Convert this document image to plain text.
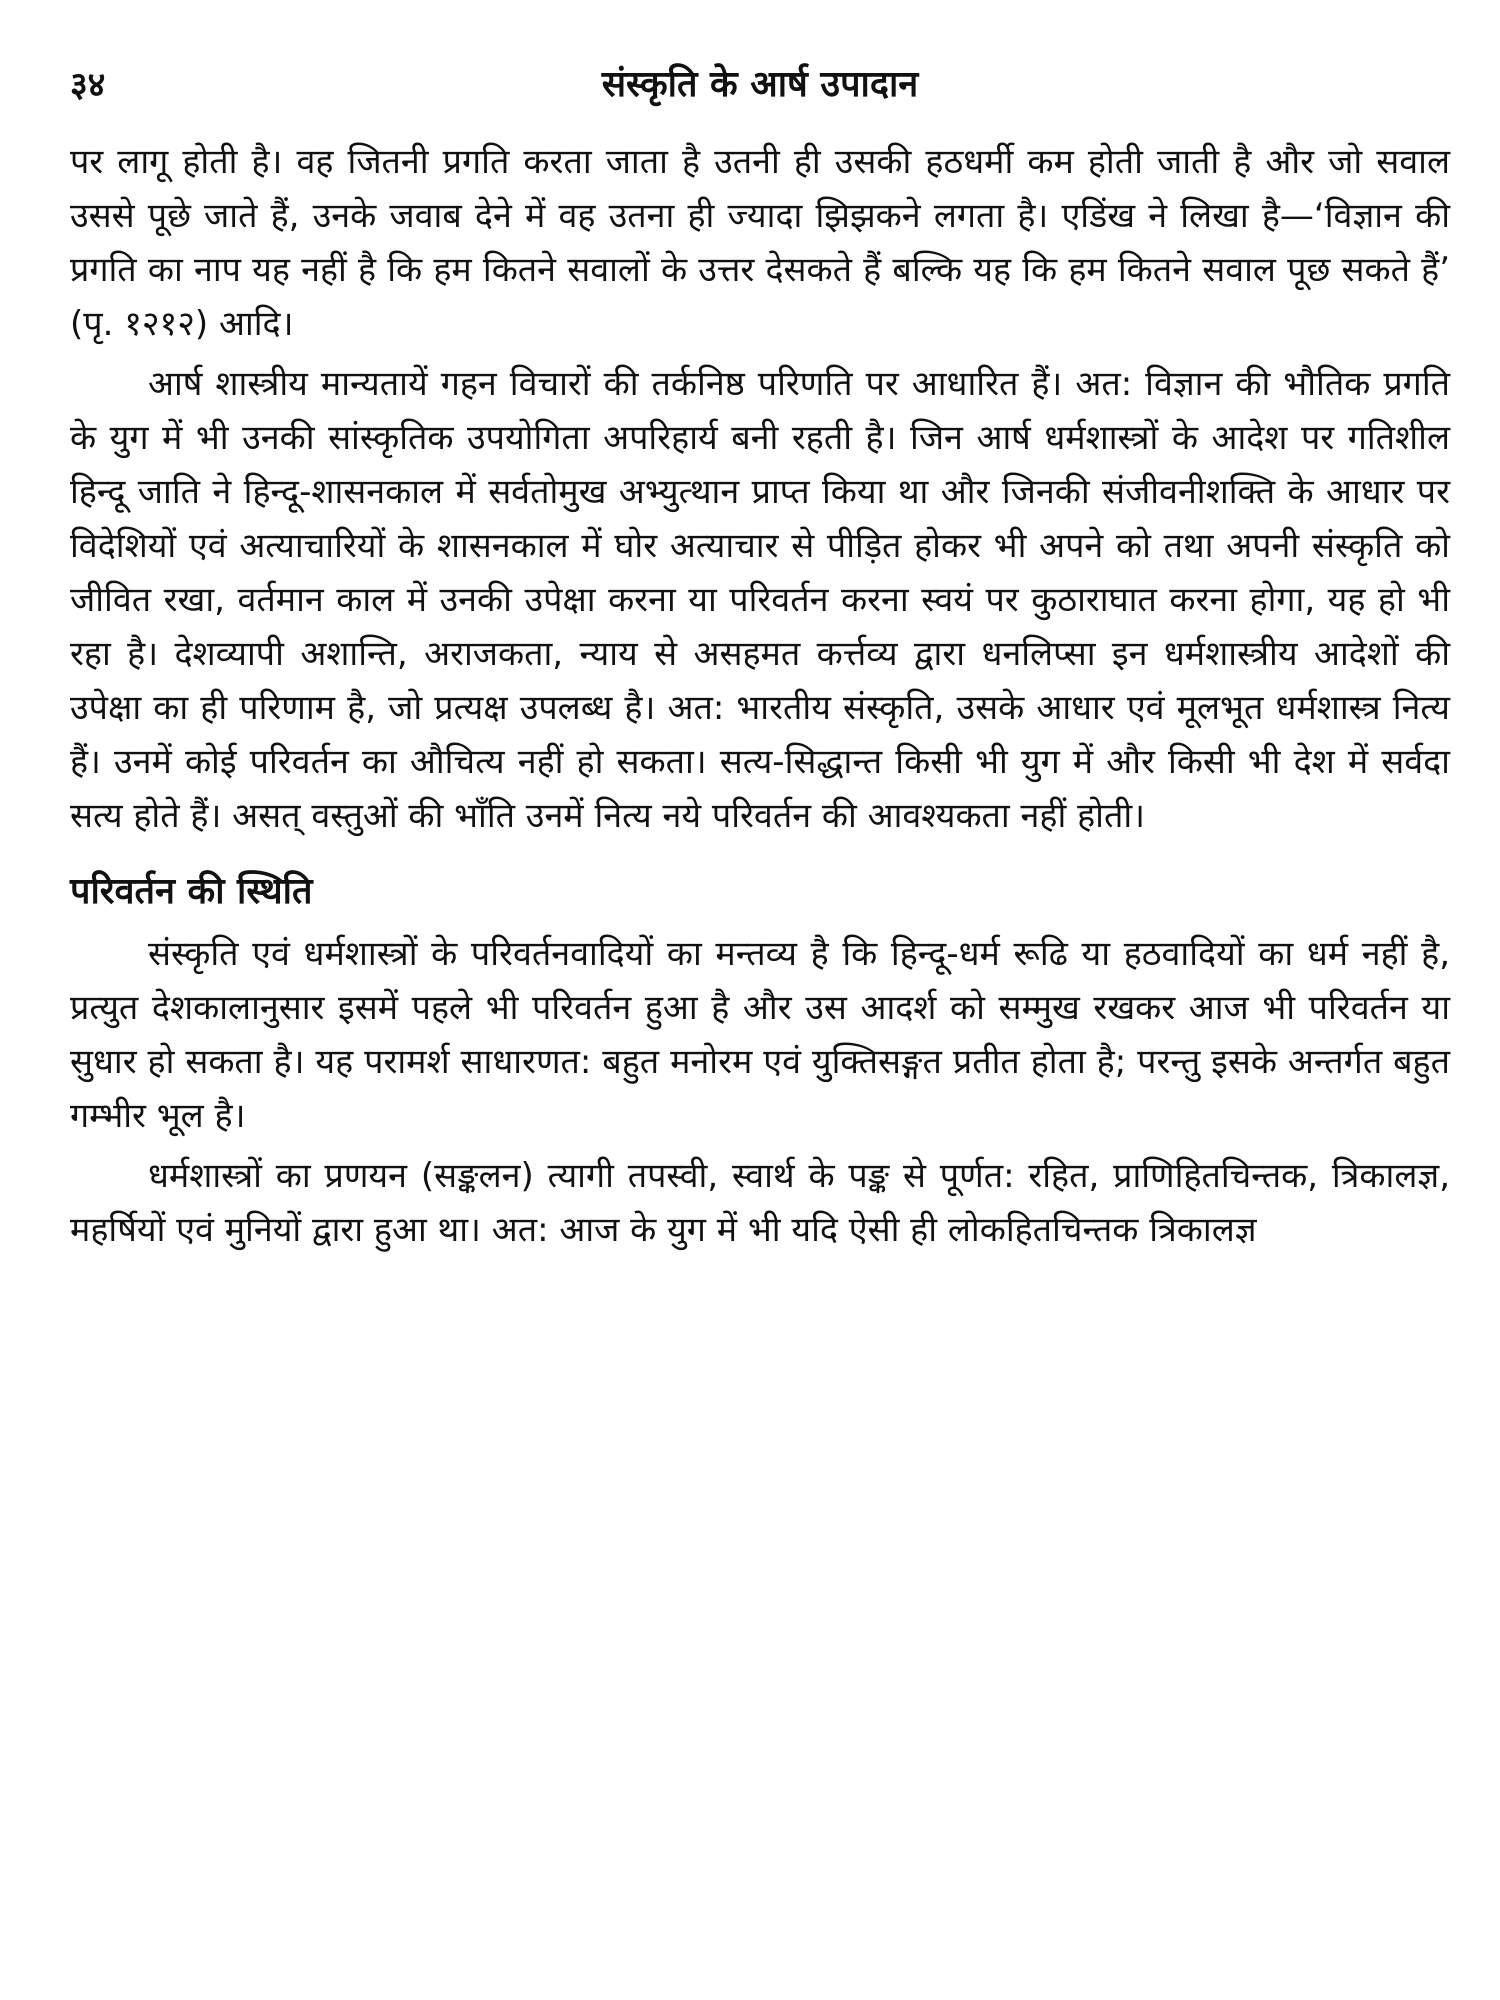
३४	संस्कृति के आर्ष उपादान

पर लागू होती है। वह जितनी प्रगति करता जाता है उतनी ही उसकी हठधर्मी कम होती जाती है और जो सवाल उससे पूछे जाते हैं, उनके जवाब देने में वह उतना ही ज्यादा झिझकने लगता है। एडिंख ने लिखा है—‘विज्ञान की प्रगति का नाप यह नहीं है कि हम कितने सवालों के उत्तर देसकते हैं बल्कि यह कि हम कितने सवाल पूछ सकते हैं’ (पृ. १२१२) आदि।

आर्ष शास्त्रीय मान्यतायें गहन विचारों की तर्कनिष्ठ परिणति पर आधारित हैं। अत: विज्ञान की भौतिक प्रगति के युग में भी उनकी सांस्कृतिक उपयोगिता अपरिहार्य बनी रहती है। जिन आर्ष धर्मशास्त्रों के आदेश पर गतिशील हिन्दू जाति ने हिन्दू-शासनकाल में सर्वतोमुख अभ्युत्थान प्राप्त किया था और जिनकी संजीवनीशक्ति के आधार पर विदेशियों एवं अत्याचारियों के शासनकाल में घोर अत्याचार से पीड़ित होकर भी अपने को तथा अपनी संस्कृति को जीवित रखा, वर्तमान काल में उनकी उपेक्षा करना या परिवर्तन करना स्वयं पर कुठाराघात करना होगा, यह हो भी रहा है। देशव्यापी अशान्ति, अराजकता, न्याय से असहमत कर्त्तव्य द्वारा धनलिप्सा इन धर्मशास्त्रीय आदेशों की उपेक्षा का ही परिणाम है, जो प्रत्यक्ष उपलब्ध है। अत: भारतीय संस्कृति, उसके आधार एवं मूलभूत धर्मशास्त्र नित्य हैं। उनमें कोई परिवर्तन का औचित्य नहीं हो सकता। सत्य-सिद्धान्त किसी भी युग में और किसी भी देश में सर्वदा सत्य होते हैं। असत् वस्तुओं की भाँति उनमें नित्य नये परिवर्तन की आवश्यकता नहीं होती।

परिवर्तन की स्थिति

संस्कृति एवं धर्मशास्त्रों के परिवर्तनवादियों का मन्तव्य है कि हिन्दू-धर्म रूढि या हठवादियों का धर्म नहीं है, प्रत्युत देशकालानुसार इसमें पहले भी परिवर्तन हुआ है और उस आदर्श को सम्मुख रखकर आज भी परिवर्तन या सुधार हो सकता है। यह परामर्श साधारणत: बहुत मनोरम एवं युक्तिसङ्गत प्रतीत होता है; परन्तु इसके अन्तर्गत बहुत गम्भीर भूल है।

धर्मशास्त्रों का प्रणयन (सङ्कलन) त्यागी तपस्वी, स्वार्थ के पङ्क से पूर्णत: रहित, प्राणिहितचिन्तक, त्रिकालज्ञ, महर्षियों एवं मुनियों द्वारा हुआ था। अत: आज के युग में भी यदि ऐसी ही लोकहितचिन्तक त्रिकालज्ञ
